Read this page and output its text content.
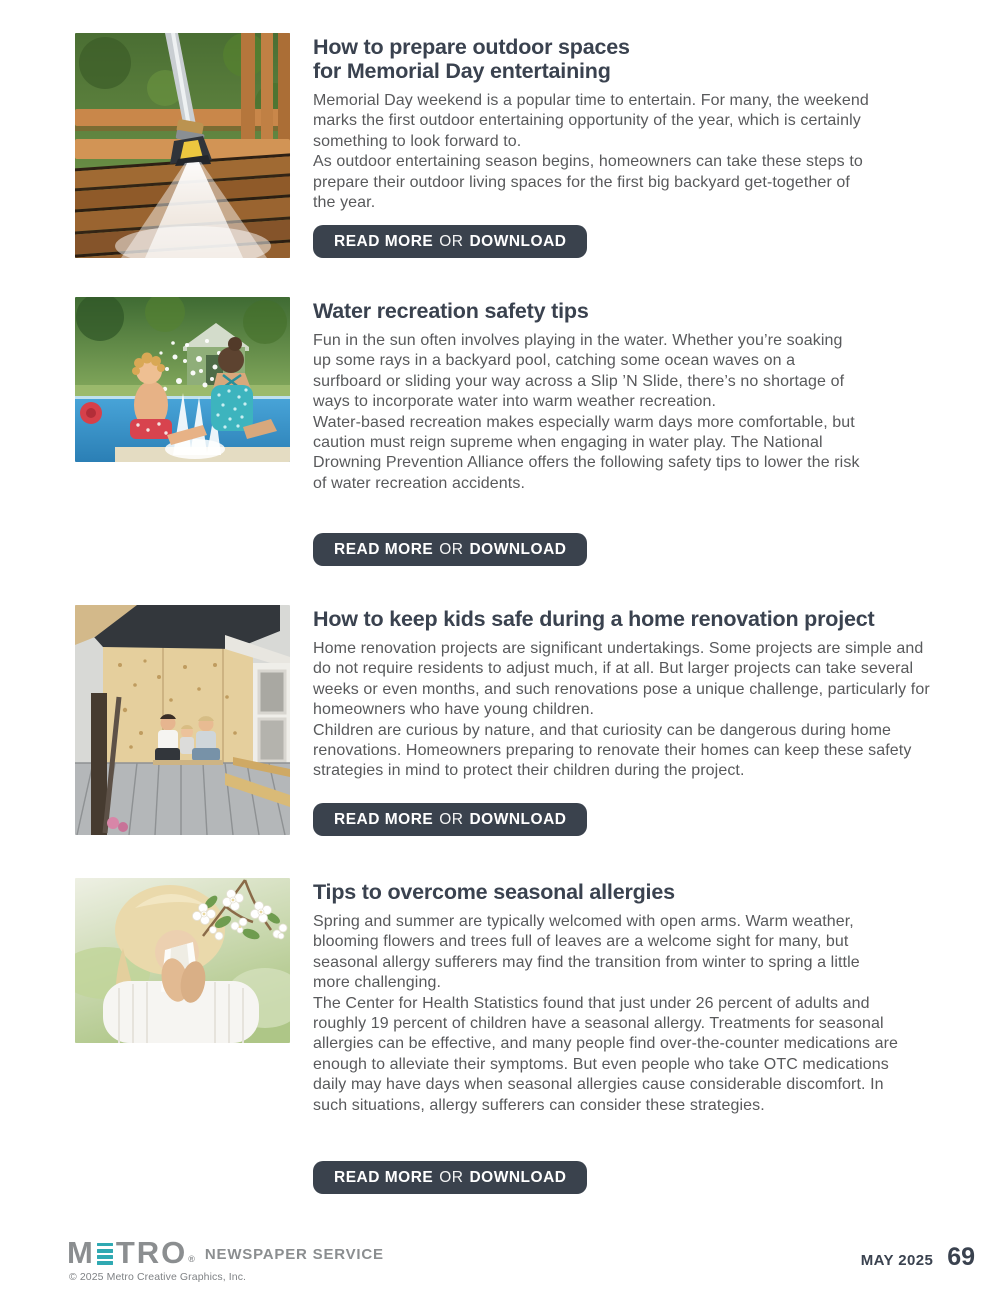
How to prepare outdoor spaces
for Memorial Day entertaining

Memorial Day weekend is a popular time to entertain. For many, the weekend marks the first outdoor entertaining opportunity of the year, which is certainly something to look forward to.

As outdoor entertaining season begins, homeowners can take these steps to prepare their outdoor living spaces for the first big backyard get-together of the year.

READ MORE OR DOWNLOAD
Water recreation safety tips

Fun in the sun often involves playing in the water. Whether you’re soaking up some rays in a backyard pool, catching some ocean waves on a surfboard or sliding your way across a Slip ’N Slide, there’s no shortage of ways to incorporate water into warm weather recreation.

Water-based recreation makes especially warm days more comfortable, but caution must reign supreme when engaging in water play. The National Drowning Prevention Alliance offers the following safety tips to lower the risk of water recreation accidents.

READ MORE OR DOWNLOAD
How to keep kids safe during a home renovation project

Home renovation projects are significant undertakings. Some projects are simple and do not require residents to adjust much, if at all. But larger projects can take several weeks or even months, and such renovations pose a unique challenge, particularly for homeowners who have young children.

Children are curious by nature, and that curiosity can be dangerous during home renovations. Homeowners preparing to renovate their homes can keep these safety strategies in mind to protect their children during the project.

READ MORE OR DOWNLOAD
Tips to overcome seasonal allergies

Spring and summer are typically welcomed with open arms. Warm weather, blooming flowers and trees full of leaves are a welcome sight for many, but seasonal allergy sufferers may find the transition from winter to spring a little more challenging.

The Center for Health Statistics found that just under 26 percent of adults and roughly 19 percent of children have a seasonal allergy. Treatments for seasonal allergies can be effective, and many people find over-the-counter medications are enough to alleviate their symptoms. But even people who take OTC medications daily may have days when seasonal allergies cause considerable discomfort. In such situations, allergy sufferers can consider these strategies.

READ MORE OR DOWNLOAD
M TRO ® NEWSPAPER SERVICE
© 2025 Metro Creative Graphics, Inc.
MAY 2025 69
